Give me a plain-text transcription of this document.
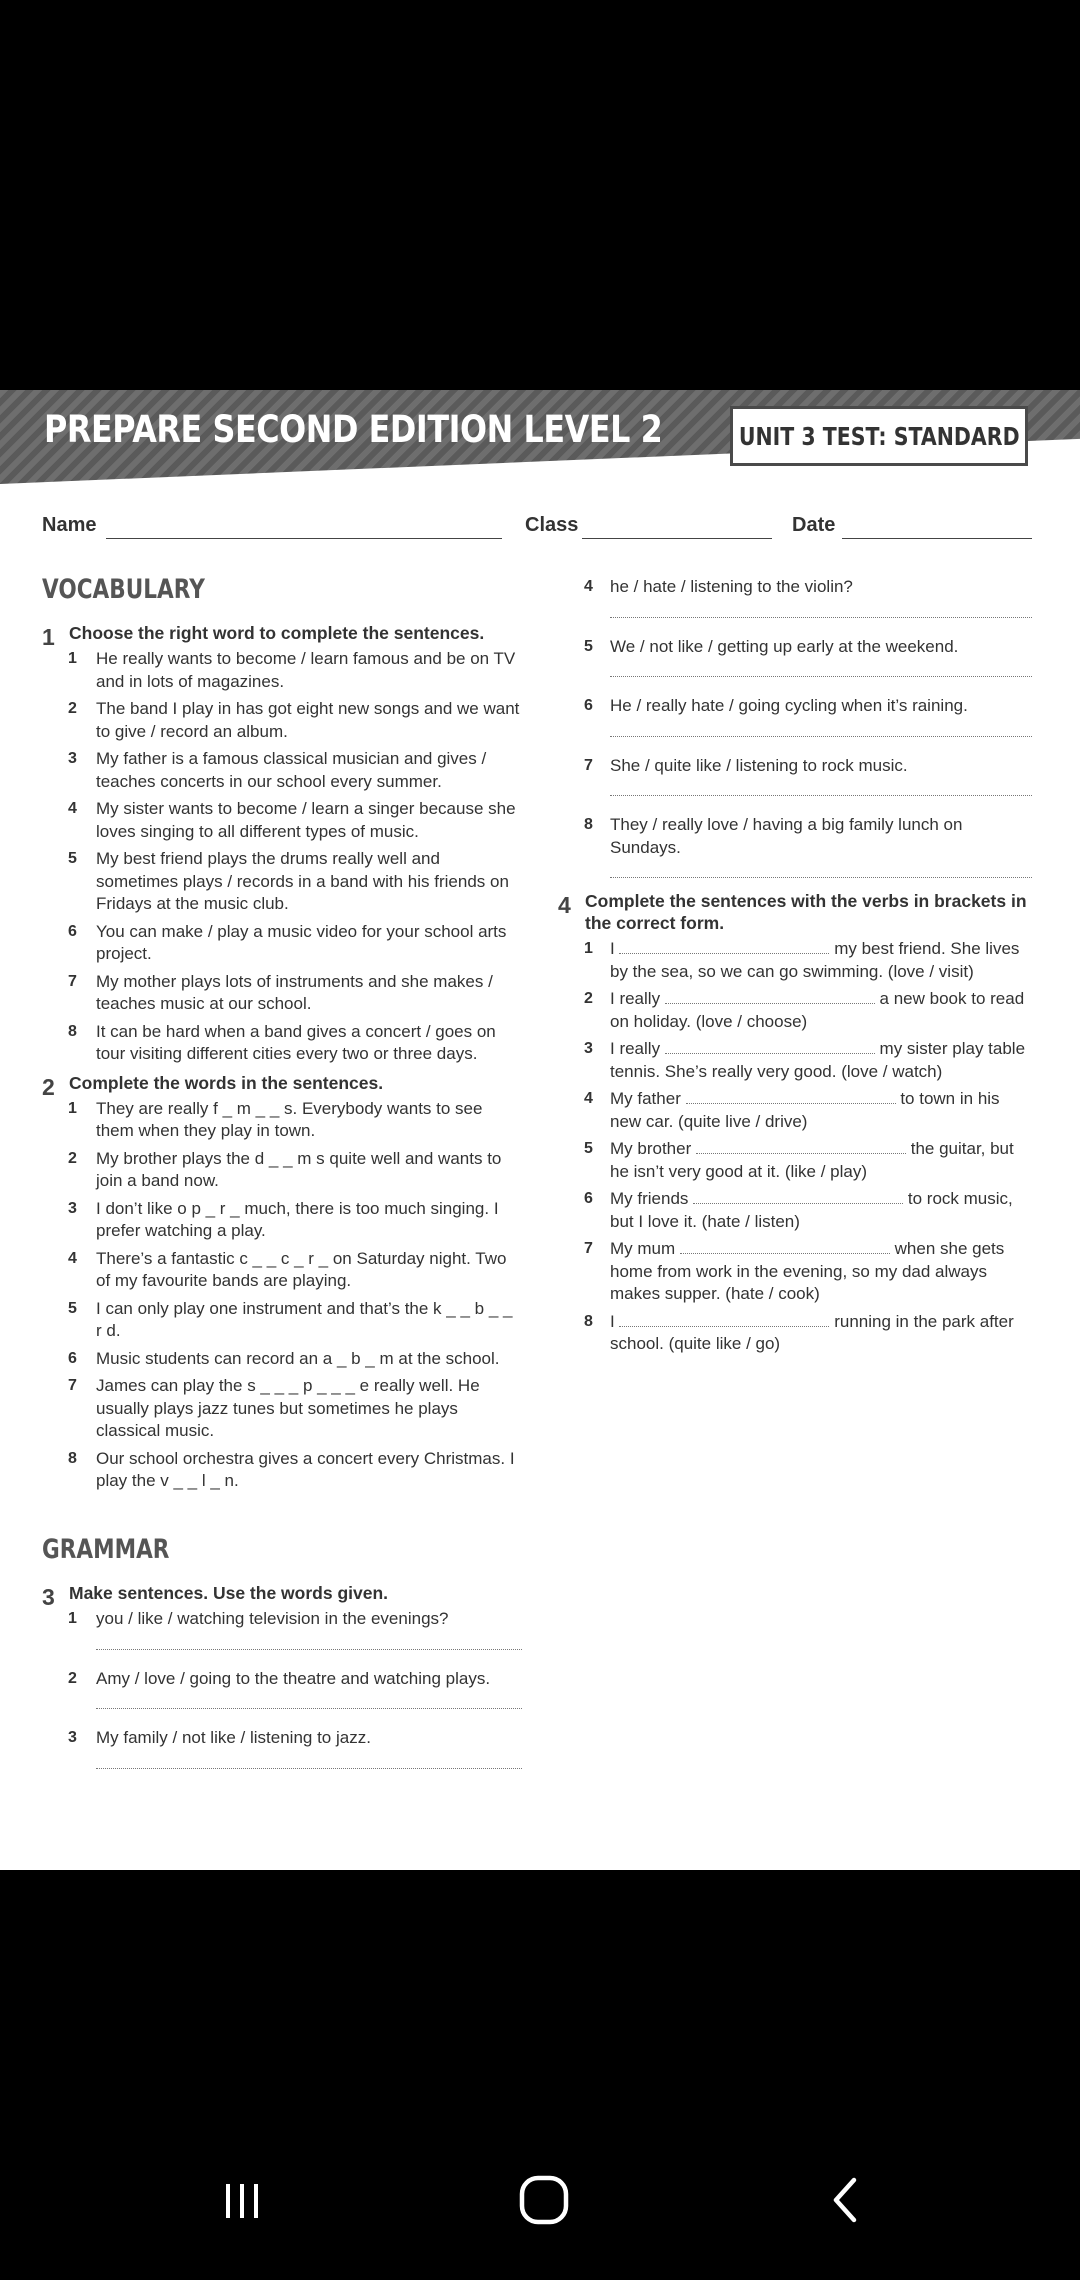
PREPARE SECOND EDITION LEVEL 2	UNIT 3 TEST: STANDARD
Name	Class	Date
VOCABULARY
1 Choose the right word to complete the sentences.
1 He really wants to become / learn famous and be on TV and in lots of magazines.
2 The band I play in has got eight new songs and we want to give / record an album.
3 My father is a famous classical musician and gives / teaches concerts in our school every summer.
4 My sister wants to become / learn a singer because she loves singing to all different types of music.
5 My best friend plays the drums really well and sometimes plays / records in a band with his friends on Fridays at the music club.
6 You can make / play a music video for your school arts project.
7 My mother plays lots of instruments and she makes / teaches music at our school.
8 It can be hard when a band gives a concert / goes on tour visiting different cities every two or three days.
2 Complete the words in the sentences.
1 They are really f _ m _ _ s. Everybody wants to see them when they play in town.
2 My brother plays the d _ _ m s quite well and wants to join a band now.
3 I don’t like o p _ r _ much, there is too much singing. I prefer watching a play.
4 There’s a fantastic c _ _ c _ r _ on Saturday night. Two of my favourite bands are playing.
5 I can only play one instrument and that’s the k _ _ b _ _ r d.
6 Music students can record an a _ b _ m at the school.
7 James can play the s _ _ _ p _ _ _ e really well. He usually plays jazz tunes but sometimes he plays classical music.
8 Our school orchestra gives a concert every Christmas. I play the v _ _ l _ n.
GRAMMAR
3 Make sentences. Use the words given.
1 you / like / watching television in the evenings?
2 Amy / love / going to the theatre and watching plays.
3 My family / not like / listening to jazz.
4 he / hate / listening to the violin?
5 We / not like / getting up early at the weekend.
6 He / really hate / going cycling when it’s raining.
7 She / quite like / listening to rock music.
8 They / really love / having a big family lunch on Sundays.
4 Complete the sentences with the verbs in brackets in the correct form.
1 I	my best friend. She lives by the sea, so we can go swimming. (love / visit)
2 I really	a new book to read on holiday. (love / choose)
3 I really	my sister play table tennis. She’s really very good. (love / watch)
4 My father	to town in his new car. (quite live / drive)
5 My brother	the guitar, but he isn’t very good at it. (like / play)
6 My friends	to rock music, but I love it. (hate / listen)
7 My mum	when she gets home from work in the evening, so my dad always makes supper. (hate / cook)
8 I	running in the park after school. (quite like / go)
